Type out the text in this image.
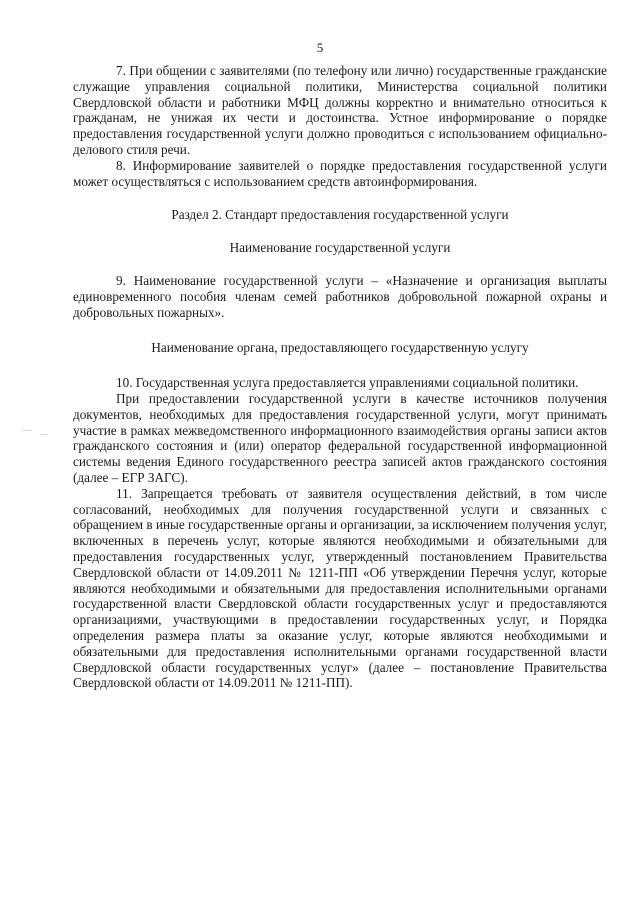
5

7. При общении с заявителями (по телефону или лично) государственные гражданские служащие управления социальной политики, Министерства социальной политики Свердловской области и работники МФЦ должны корректно и внимательно относиться к гражданам, не унижая их чести и достоинства. Устное информирование о порядке предоставления государственной услуги должно проводиться с использованием официально-делового стиля речи.

8. Информирование заявителей о порядке предоставления государственной услуги может осуществляться с использованием средств автоинформирования.

Раздел 2. Стандарт предоставления государственной услуги

Наименование государственной услуги

9. Наименование государственной услуги – «Назначение и организация выплаты единовременного пособия членам семей работников добровольной пожарной охраны и добровольных пожарных».

Наименование органа, предоставляющего государственную услугу

10. Государственная услуга предоставляется управлениями социальной политики.

При предоставлении государственной услуги в качестве источников получения документов, необходимых для предоставления государственной услуги, могут принимать участие в рамках межведомственного информационного взаимодействия органы записи актов гражданского состояния и (или) оператор федеральной государственной информационной системы ведения Единого государственного реестра записей актов гражданского состояния (далее – ЕГР ЗАГС).

11. Запрещается требовать от заявителя осуществления действий, в том числе согласований, необходимых для получения государственной услуги и связанных с обращением в иные государственные органы и организации, за исключением получения услуг, включенных в перечень услуг, которые являются необходимыми и обязательными для предоставления государственных услуг, утвержденный постановлением Правительства Свердловской области от 14.09.2011 № 1211-ПП «Об утверждении Перечня услуг, которые являются необходимыми и обязательными для предоставления исполнительными органами государственной власти Свердловской области государственных услуг и предоставляются организациями, участвующими в предоставлении государственных услуг, и Порядка определения размера платы за оказание услуг, которые являются необходимыми и обязательными для предоставления исполнительными органами государственной власти Свердловской области государственных услуг» (далее – постановление Правительства Свердловской области от 14.09.2011 № 1211-ПП).
